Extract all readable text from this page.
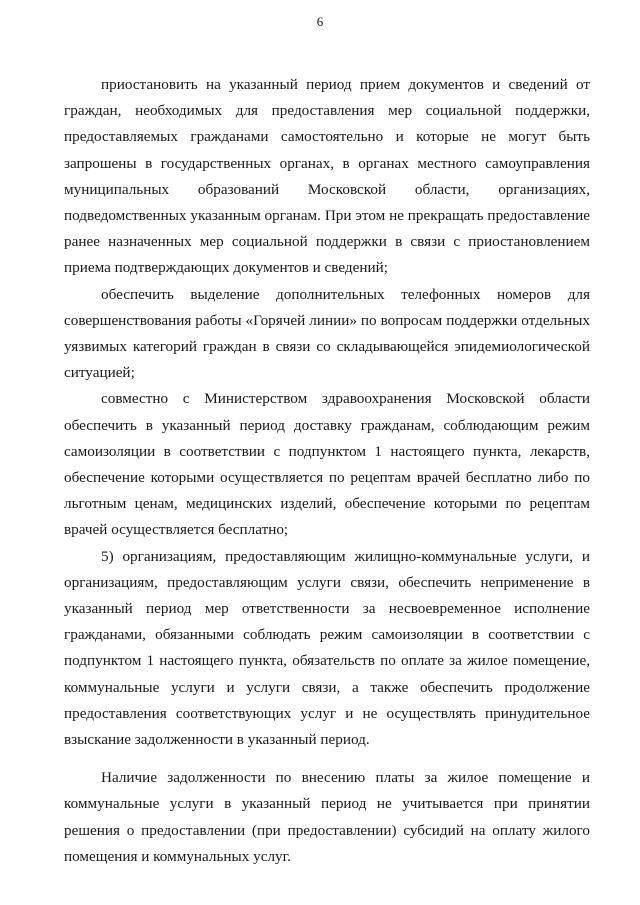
6

приостановить на указанный период прием документов и сведений от граждан, необходимых для предоставления мер социальной поддержки, предоставляемых гражданами самостоятельно и которые не могут быть запрошены в государственных органах, в органах местного самоуправления муниципальных образований Московской области, организациях, подведомственных указанным органам. При этом не прекращать предоставление ранее назначенных мер социальной поддержки в связи с приостановлением приема подтверждающих документов и сведений;

обеспечить выделение дополнительных телефонных номеров для совершенствования работы «Горячей линии» по вопросам поддержки отдельных уязвимых категорий граждан в связи со складывающейся эпидемиологической ситуацией;

совместно с Министерством здравоохранения Московской области обеспечить в указанный период доставку гражданам, соблюдающим режим самоизоляции в соответствии с подпунктом 1 настоящего пункта, лекарств, обеспечение которыми осуществляется по рецептам врачей бесплатно либо по льготным ценам, медицинских изделий, обеспечение которыми по рецептам врачей осуществляется бесплатно;

5) организациям, предоставляющим жилищно-коммунальные услуги, и организациям, предоставляющим услуги связи, обеспечить неприменение в указанный период мер ответственности за несвоевременное исполнение гражданами, обязанными соблюдать режим самоизоляции в соответствии с подпунктом 1 настоящего пункта, обязательств по оплате за жилое помещение, коммунальные услуги и услуги связи, а также обеспечить продолжение предоставления соответствующих услуг и не осуществлять принудительное взыскание задолженности в указанный период.

Наличие задолженности по внесению платы за жилое помещение и коммунальные услуги в указанный период не учитывается при принятии решения о предоставлении (при предоставлении) субсидий на оплату жилого помещения и коммунальных услуг.
